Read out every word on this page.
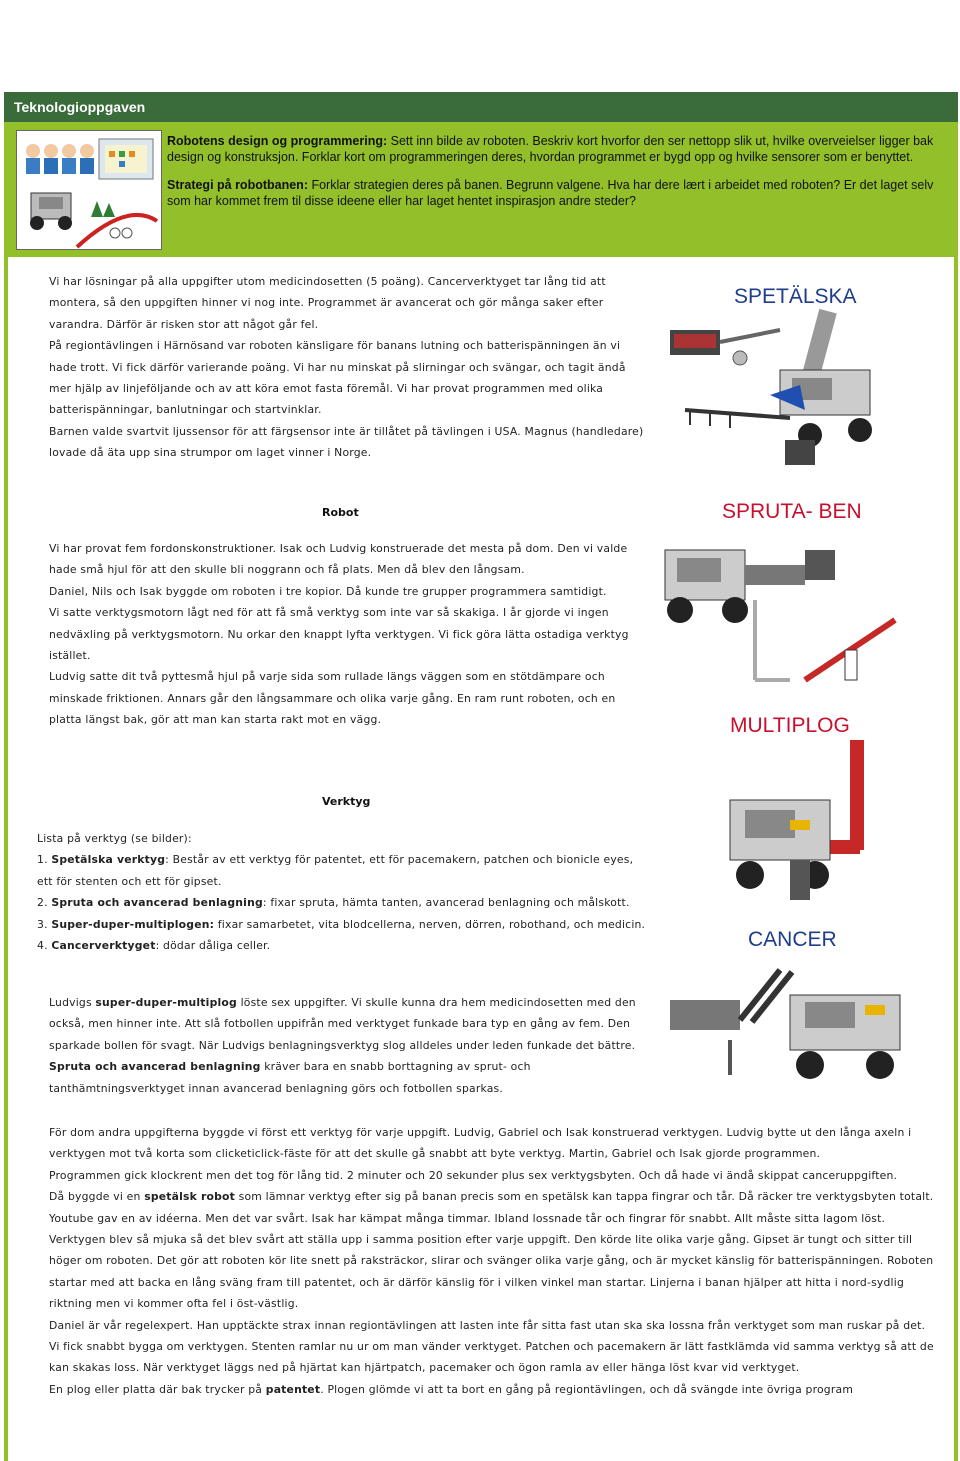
Teknologioppgaven

Robotens design og programmering: Sett inn bilde av roboten. Beskriv kort hvorfor den ser nettopp slik ut, hvilke overveielser ligger bak design og konstruksjon. Forklar kort om programmeringen deres, hvordan programmet er bygd opp og hvilke sensorer som er benyttet.

Strategi på robotbanen: Forklar strategien deres på banen. Begrunn valgene. Hva har dere lært i arbeidet med roboten? Er det laget selv som har kommet frem til disse ideene eller har laget hentet inspirasjon andre steder?

Vi har lösningar på alla uppgifter utom medicindosetten (5 poäng). Cancerverktyget tar lång tid att montera, så den uppgiften hinner vi nog inte. Programmet är avancerat och gör många saker efter varandra. Därför är risken stor att något går fel.

På regiontävlingen i Härnösand var roboten känsligare för banans lutning och batterispänningen än vi hade trott. Vi fick därför varierande poäng. Vi har nu minskat på slirningar och svängar, och tagit ändå mer hjälp av linjeföljande och av att köra emot fasta föremål. Vi har provat programmen med olika batterispänningar, banlutningar och startvinklar.

Barnen valde svartvit ljussensor för att färgsensor inte är tillåtet på tävlingen i USA. Magnus (handledare) lovade då äta upp sina strumpor om laget vinner i Norge.

Robot

Vi har provat fem fordonskonstruktioner. Isak och Ludvig konstruerade det mesta på dom. Den vi valde hade små hjul för att den skulle bli noggrann och få plats. Men då blev den långsam.

Daniel, Nils och Isak byggde om roboten i tre kopior. Då kunde tre grupper programmera samtidigt.

Vi satte verktygsmotorn lågt ned för att få små verktyg som inte var så skakiga. I år gjorde vi ingen nedväxling på verktygsmotorn. Nu orkar den knappt lyfta verktygen. Vi fick göra lätta ostadiga verktyg istället.

Ludvig satte dit två pyttesmå hjul på varje sida som rullade längs väggen som en stötdämpare och minskade friktionen. Annars går den långsammare och olika varje gång. En ram runt roboten, och en platta längst bak, gör att man kan starta rakt mot en vägg.

Verktyg

Lista på verktyg (se bilder):

1. Spetälska verktyg: Består av ett verktyg för patentet, ett för pacemakern, patchen och bionicle eyes, ett för stenten och ett för gipset.

2. Spruta och avancerad benlagning: fixar spruta, hämta tanten, avancerad benlagning och målskott.

3. Super-duper-multiplogen: fixar samarbetet, vita blodcellerna, nerven, dörren, robothand, och medicin.

4. Cancerverktyget: dödar dåliga celler.

Ludvigs super-duper-multiplog löste sex uppgifter. Vi skulle kunna dra hem medicindosetten med den också, men hinner inte. Att slå fotbollen uppifrån med verktyget funkade bara typ en gång av fem. Den sparkade bollen för svagt. När Ludvigs benlagningsverktyg slog alldeles under leden funkade det bättre.

Spruta och avancerad benlagning kräver bara en snabb borttagning av sprut- och tanthämtningsverktyget innan avancerad benlagning görs och fotbollen sparkas.

För dom andra uppgifterna byggde vi först ett verktyg för varje uppgift. Ludvig, Gabriel och Isak konstruerad verktygen. Ludvig bytte ut den långa axeln i verktygen mot två korta som clicketiclick-fäste för att det skulle gå snabbt att byte verktyg. Martin, Gabriel och Isak gjorde programmen.

Programmen gick klockrent men det tog för lång tid. 2 minuter och 20 sekunder plus sex verktygsbyten. Och då hade vi ändå skippat canceruppgiften.

Då byggde vi en spetälsk robot som lämnar verktyg efter sig på banan precis som en spetälsk kan tappa fingrar och tår. Då räcker tre verktygsbyten totalt. Youtube gav en av idéerna. Men det var svårt. Isak har kämpat många timmar. Ibland lossnade tår och fingrar för snabbt. Allt måste sitta lagom löst. Verktygen blev så mjuka så det blev svårt att ställa upp i samma position efter varje uppgift. Den körde lite olika varje gång. Gipset är tungt och sitter till höger om roboten. Det gör att roboten kör lite snett på raksträckor, slirar och svänger olika varje gång, och är mycket känslig för batterispänningen. Roboten startar med att backa en lång sväng fram till patentet, och är därför känslig för i vilken vinkel man startar. Linjerna i banan hjälper att hitta i nord-sydlig riktning men vi kommer ofta fel i öst-västlig.

Daniel är vår regelexpert. Han upptäckte strax innan regiontävlingen att lasten inte får sitta fast utan ska ska lossna från verktyget som man ruskar på det. Vi fick snabbt bygga om verktygen. Stenten ramlar nu ur om man vänder verktyget. Patchen och pacemakern är lätt fastklämda vid samma verktyg så att de kan skakas loss. När verktyget läggs ned på hjärtat kan hjärtpatch, pacemaker och ögon ramla av eller hänga löst kvar vid verktyget.

En plog eller platta där bak trycker på patentet. Plogen glömde vi att ta bort en gång på regiontävlingen, och då svängde inte övriga program

SPETÄLSKA
SPRUTA- BEN
MULTIPLOG
CANCER
